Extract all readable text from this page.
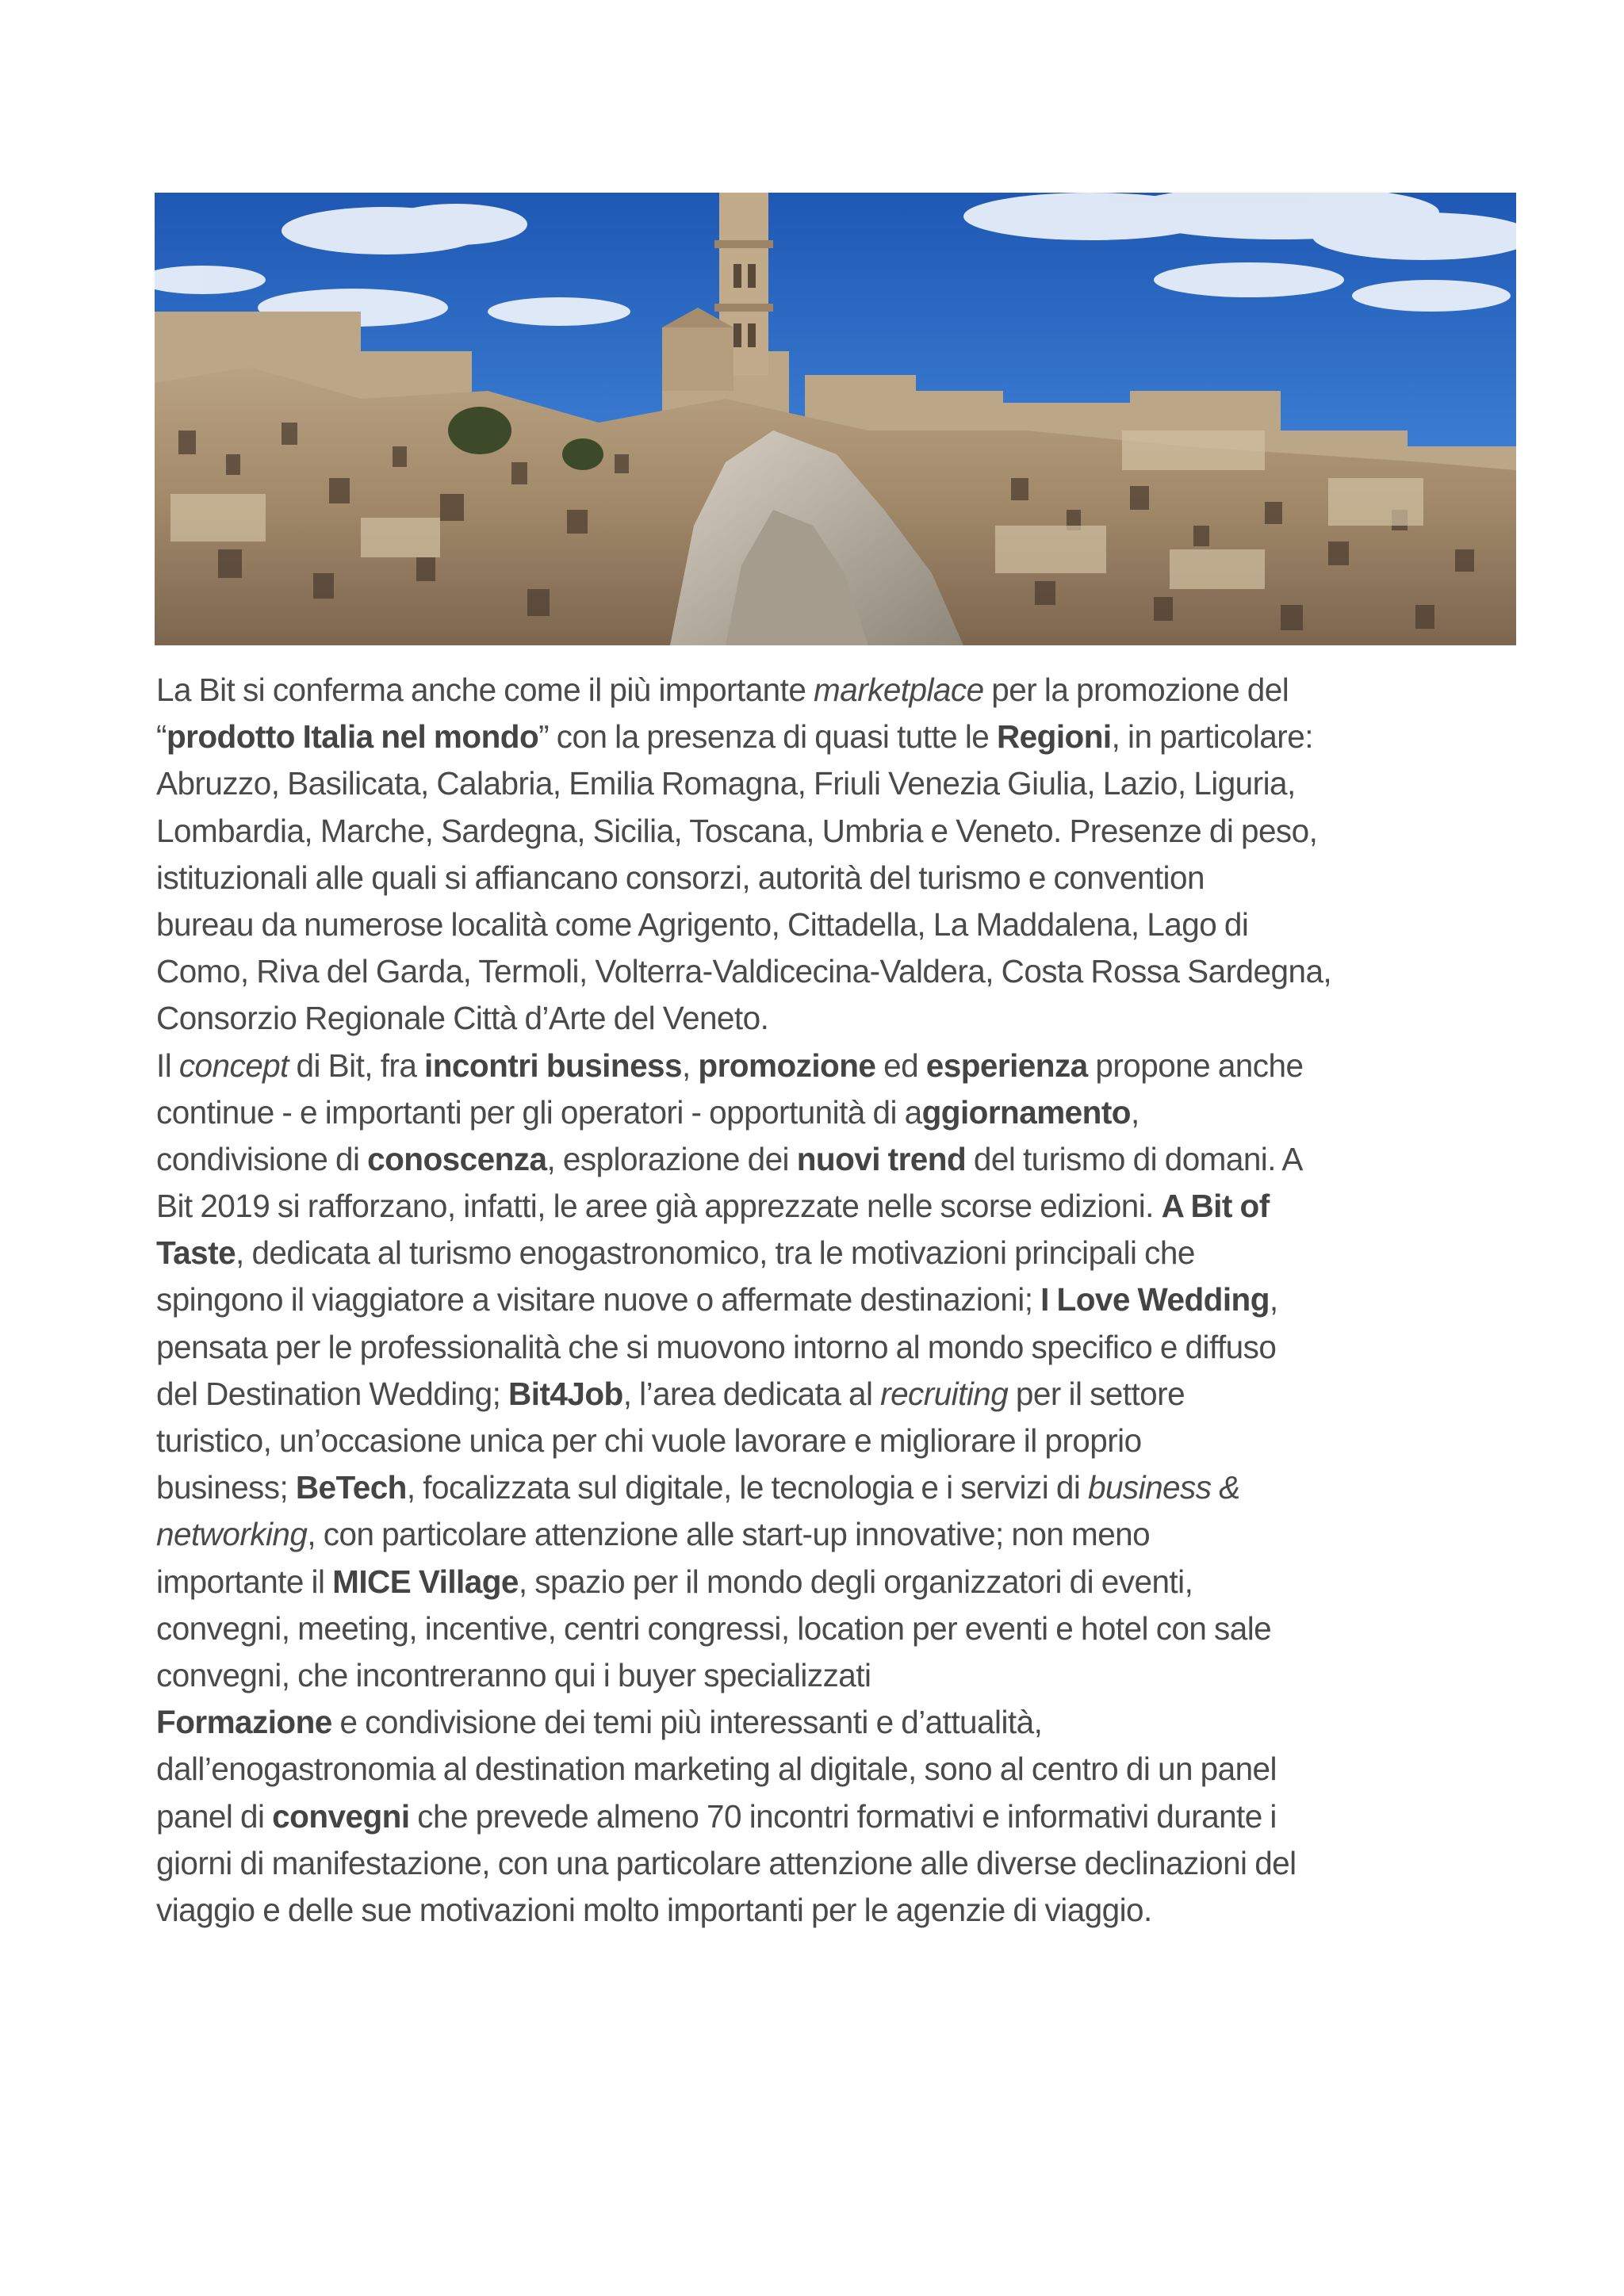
La Bit si conferma anche come il più importante marketplace per la promozione del
“prodotto Italia nel mondo” con la presenza di quasi tutte le Regioni, in particolare:
Abruzzo, Basilicata, Calabria, Emilia Romagna, Friuli Venezia Giulia, Lazio, Liguria,
Lombardia, Marche, Sardegna, Sicilia, Toscana, Umbria e Veneto. Presenze di peso,
istituzionali alle quali si affiancano consorzi, autorità del turismo e convention
bureau da numerose località come Agrigento, Cittadella, La Maddalena, Lago di
Como, Riva del Garda, Termoli, Volterra-Valdicecina-Valdera, Costa Rossa Sardegna,
Consorzio Regionale Città d’Arte del Veneto.
Il concept di Bit, fra incontri business, promozione ed esperienza propone anche
continue - e importanti per gli operatori - opportunità di aggiornamento,
condivisione di conoscenza, esplorazione dei nuovi trend del turismo di domani. A
Bit 2019 si rafforzano, infatti, le aree già apprezzate nelle scorse edizioni. A Bit of
Taste, dedicata al turismo enogastronomico, tra le motivazioni principali che
spingono il viaggiatore a visitare nuove o affermate destinazioni; I Love Wedding,
pensata per le professionalità che si muovono intorno al mondo specifico e diffuso
del Destination Wedding; Bit4Job, l’area dedicata al recruiting per il settore
turistico, un’occasione unica per chi vuole lavorare e migliorare il proprio
business; BeTech, focalizzata sul digitale, le tecnologia e i servizi di business &
networking, con particolare attenzione alle start-up innovative; non meno
importante il MICE Village, spazio per il mondo degli organizzatori di eventi,
convegni, meeting, incentive, centri congressi, location per eventi e hotel con sale
convegni, che incontreranno qui i buyer specializzati
Formazione e condivisione dei temi più interessanti e d’attualità,
dall’enogastronomia al destination marketing al digitale, sono al centro di un panel
panel di convegni che prevede almeno 70 incontri formativi e informativi durante i
giorni di manifestazione, con una particolare attenzione alle diverse declinazioni del
viaggio e delle sue motivazioni molto importanti per le agenzie di viaggio.
